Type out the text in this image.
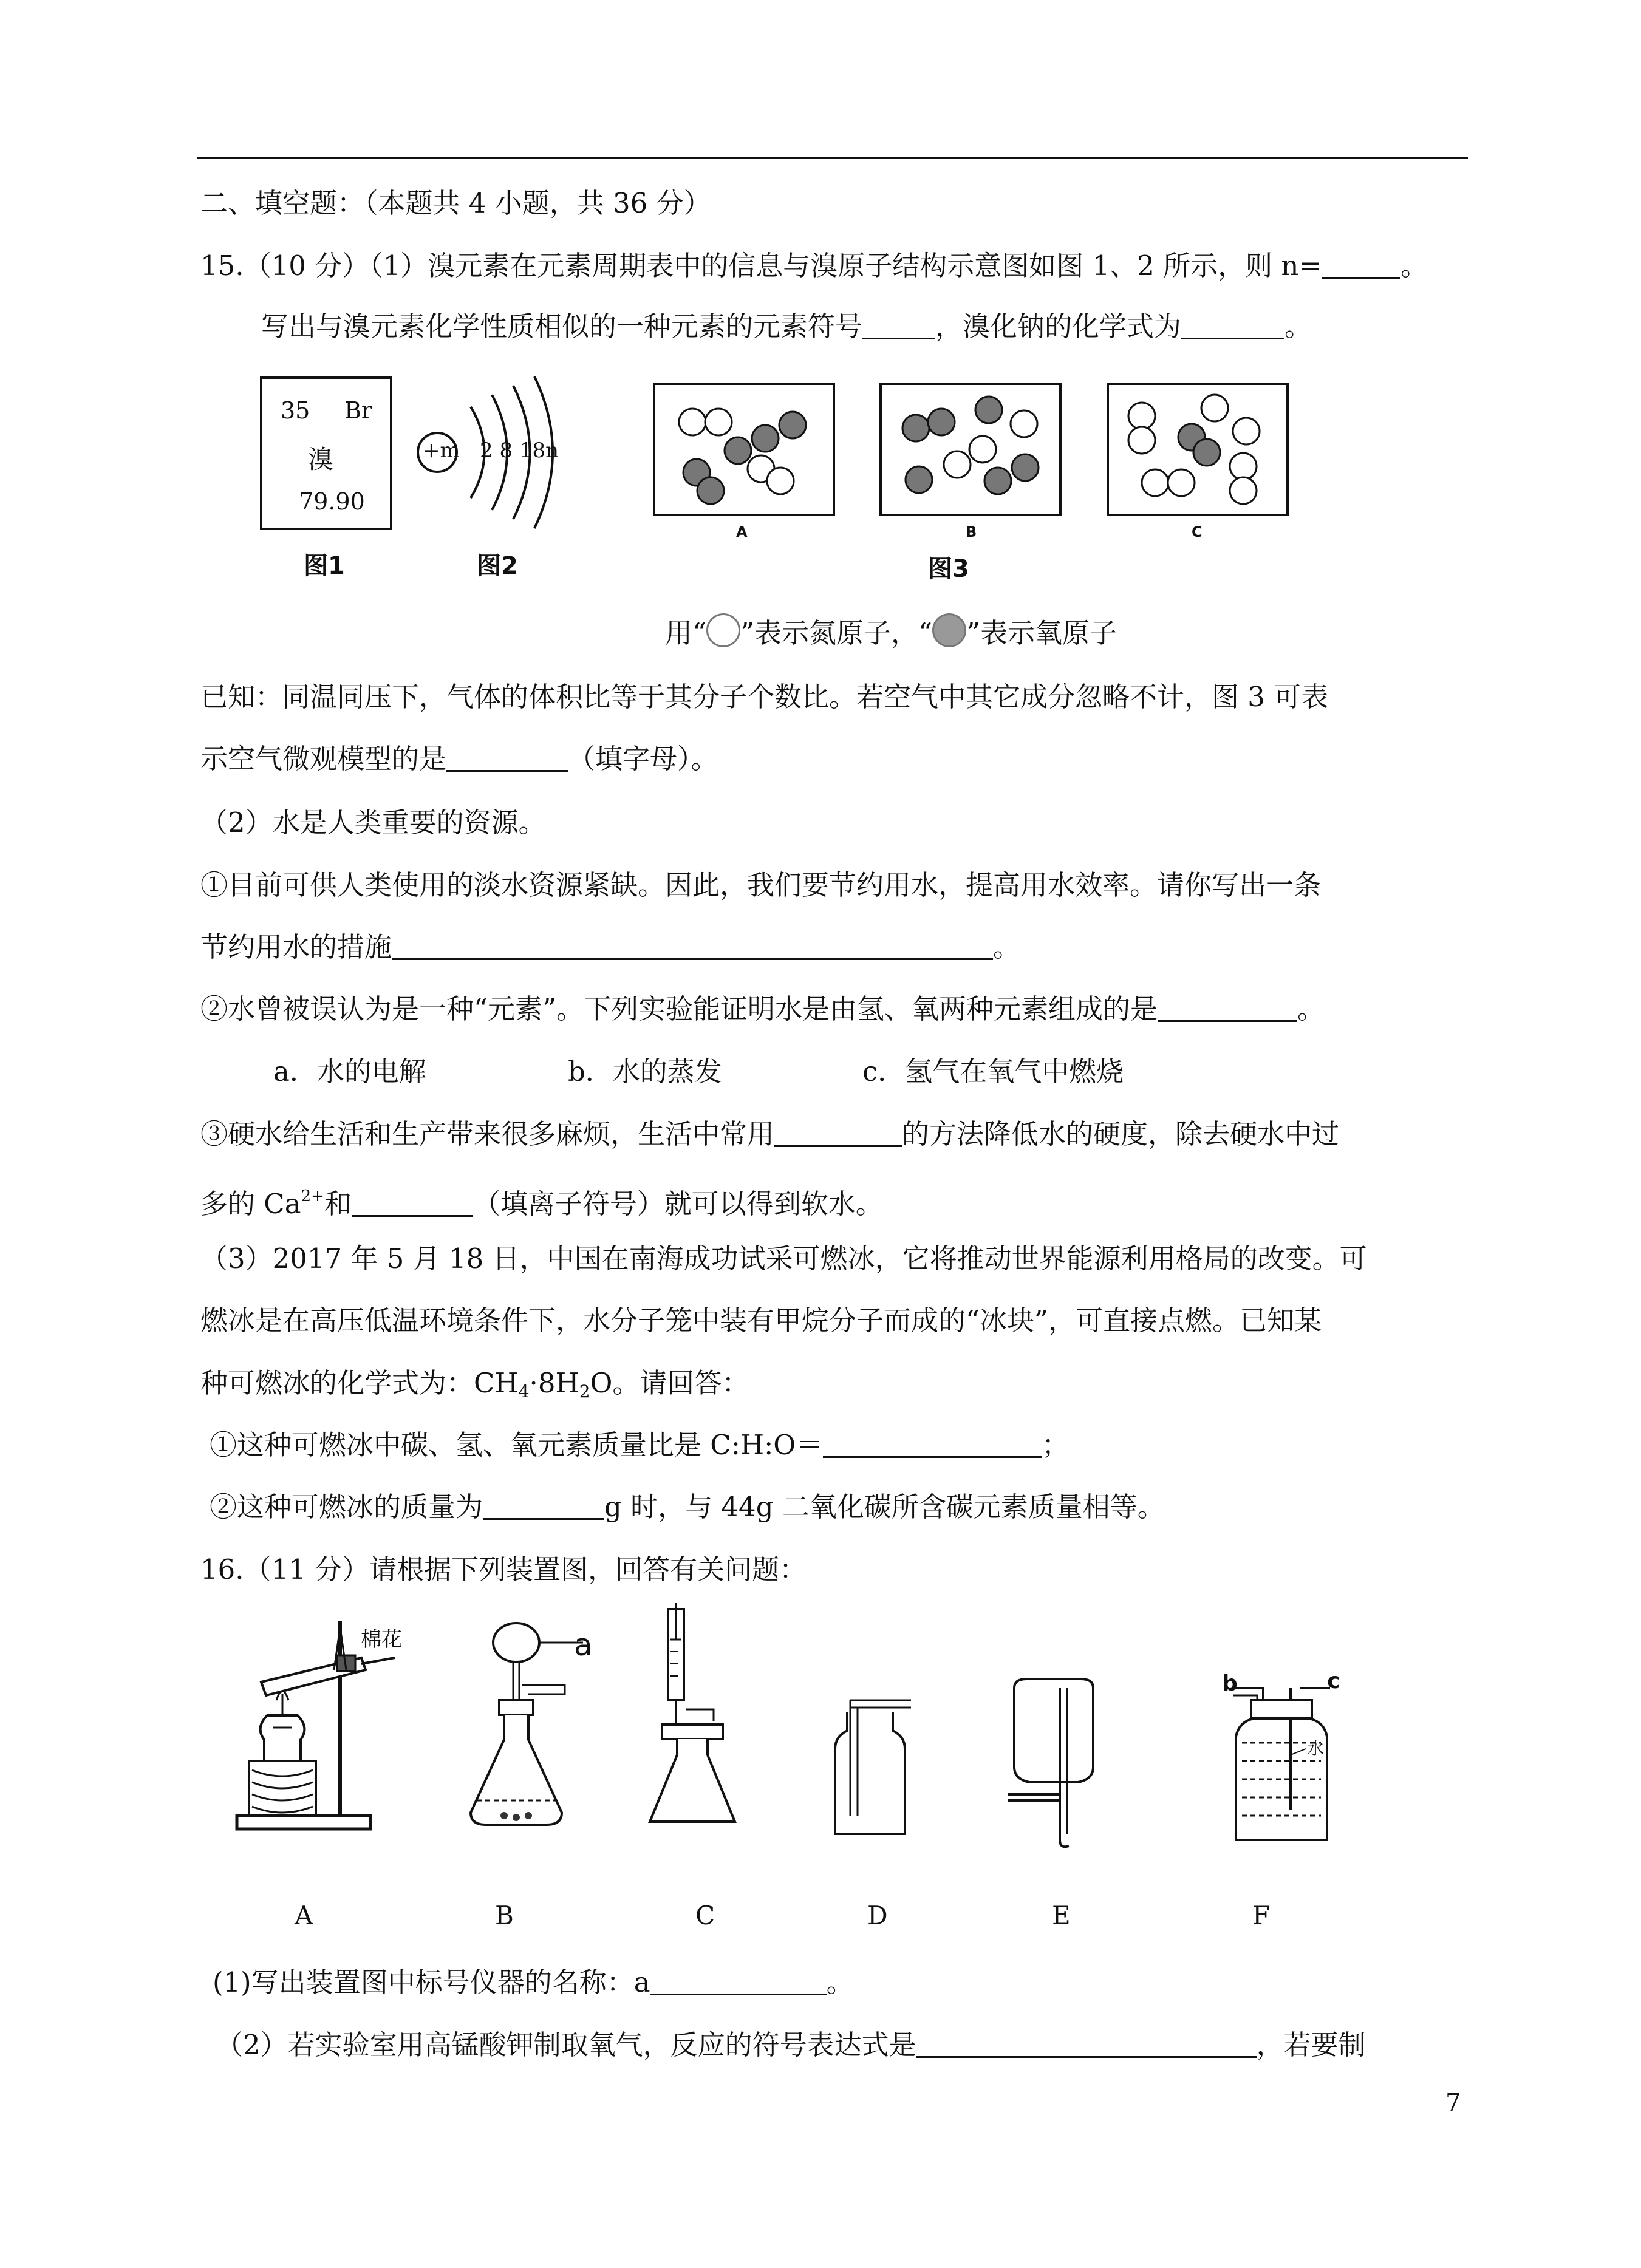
二、填空题：（本题共 4 小题，共 36 分）
15.（10 分）（1）溴元素在元素周期表中的信息与溴原子结构示意图如图 1、2 所示，则 n=	。
写出与溴元素化学性质相似的一种元素的元素符号	，溴化钠的化学式为	。
35 Br
溴
79.90
图1
+m 2 8 18n
图2
A	B	C
图3
用“ ”表示氮原子，“ ”表示氧原子
已知：同温同压下，气体的体积比等于其分子个数比。若空气中其它成分忽略不计，图 3 可表
示空气微观模型的是	（填字母）。
（2）水是人类重要的资源。
①目前可供人类使用的淡水资源紧缺。因此，我们要节约用水，提高用水效率。请你写出一条
节约用水的措施	。
②水曾被误认为是一种“元素”。下列实验能证明水是由氢、氧两种元素组成的是	。
a．水的电解	b．水的蒸发	c．氢气在氧气中燃烧
③硬水给生活和生产带来很多麻烦，生活中常用	的方法降低水的硬度，除去硬水中过
多的 $Ca^{2+}$和	（填离子符号）就可以得到软水。
（3）2017 年 5 月 18 日，中国在南海成功试采可燃冰，它将推动世界能源利用格局的改变。可
燃冰是在高压低温环境条件下，水分子笼中装有甲烷分子而成的“冰块”，可直接点燃。已知某
种可燃冰的化学式为：$CH_4\cdot 8H_2O$。请回答：
①这种可燃冰中碳、氢、氧元素质量比是 C:H:O＝	；
②这种可燃冰的质量为	g 时，与 44g 二氧化碳所含碳元素质量相等。
16.（11 分）请根据下列装置图，回答有关问题：
棉花	a
b	c
水
A	B	C	D	E	F
(1)写出装置图中标号仪器的名称：a	。
（2）若实验室用高锰酸钾制取氧气，反应的符号表达式是	，若要制
7
